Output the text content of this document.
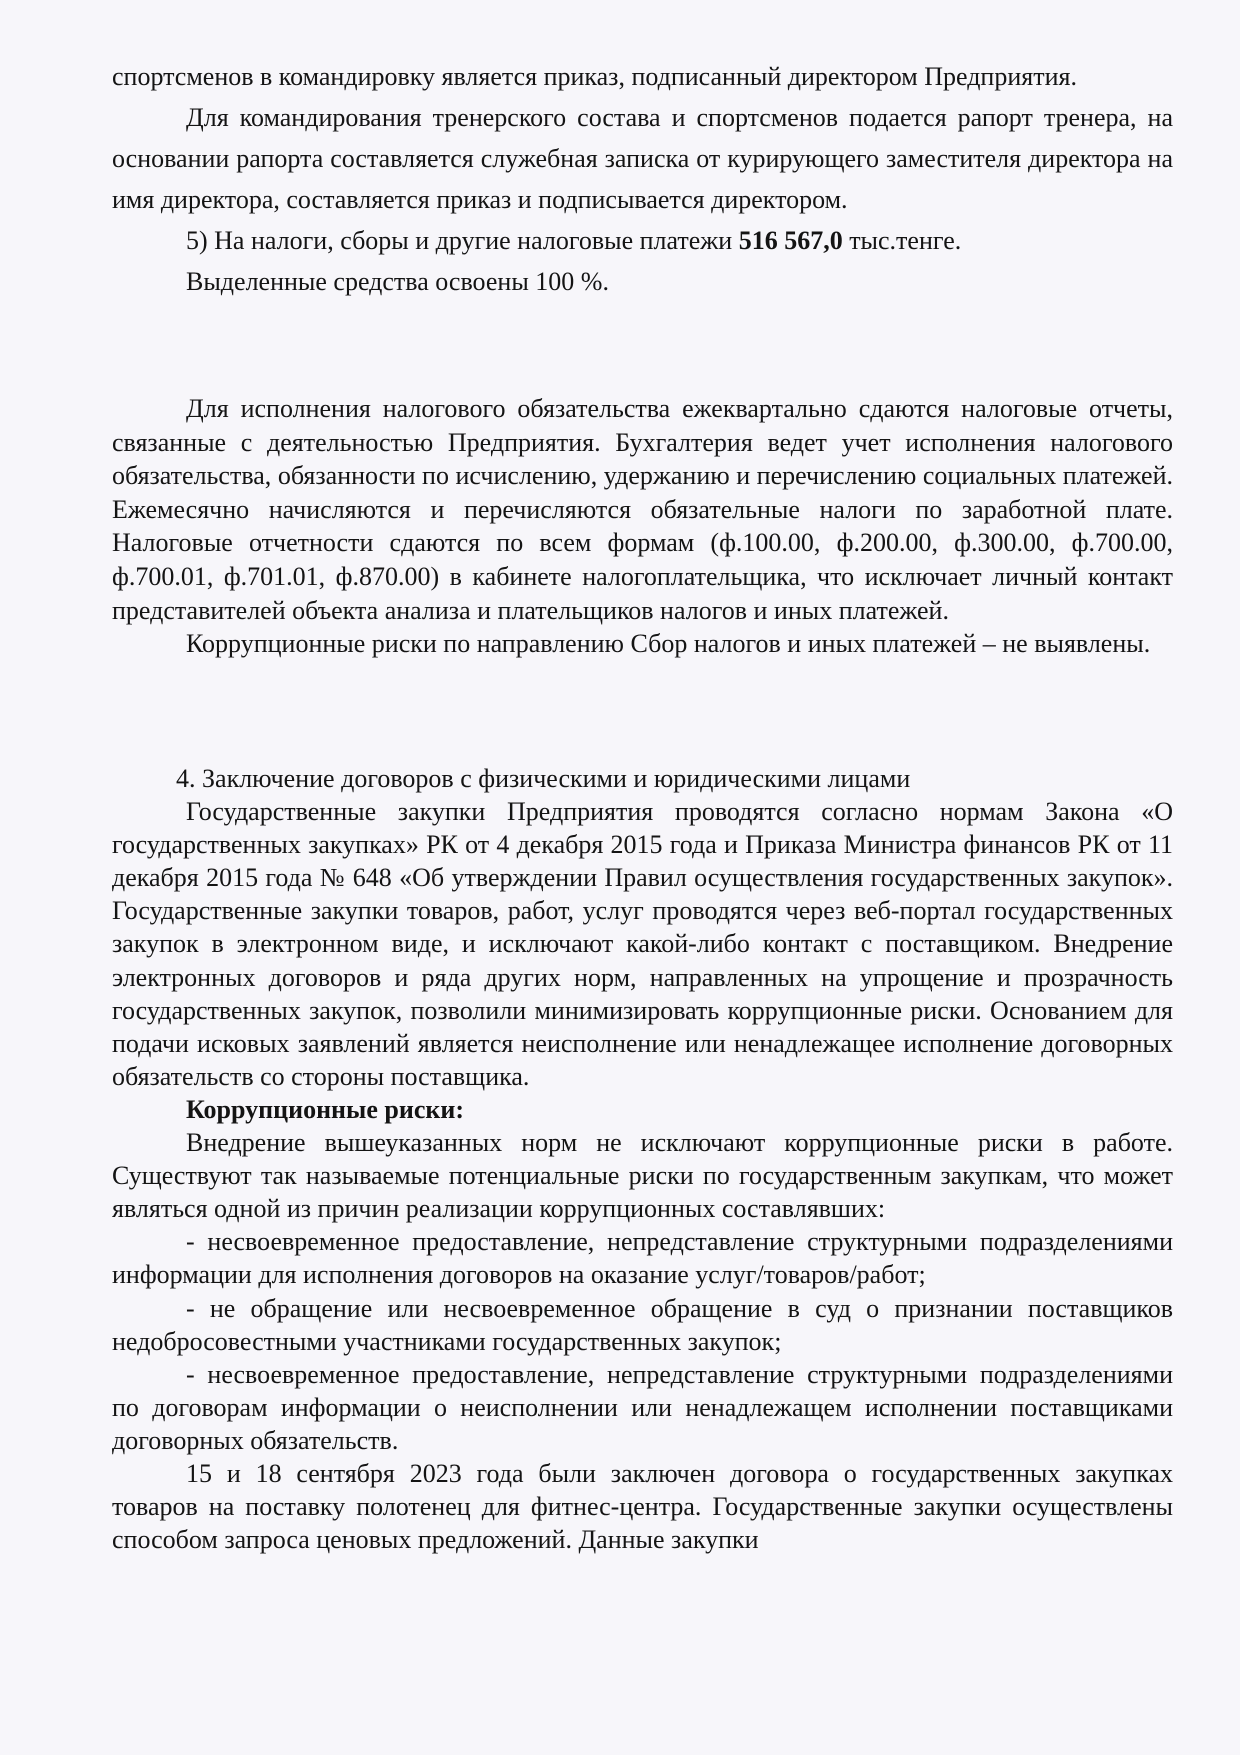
спортсменов в командировку является приказ, подписанный директором Предприятия.

Для командирования тренерского состава и спортсменов подается рапорт тренера, на основании рапорта составляется служебная записка от курирующего заместителя директора на имя директора, составляется приказ и подписывается директором.

5) На налоги, сборы и другие налоговые платежи 516 567,0 тыс.тенге.

Выделенные средства освоены 100 %.

Для исполнения налогового обязательства ежеквартально сдаются налоговые отчеты, связанные с деятельностью Предприятия. Бухгалтерия ведет учет исполнения налогового обязательства, обязанности по исчислению, удержанию и перечислению социальных платежей. Ежемесячно начисляются и перечисляются обязательные налоги по заработной плате. Налоговые отчетности сдаются по всем формам (ф.100.00, ф.200.00, ф.300.00, ф.700.00, ф.700.01, ф.701.01, ф.870.00) в кабинете налогоплательщика, что исключает личный контакт представителей объекта анализа и плательщиков налогов и иных платежей.

Коррупционные риски по направлению Сбор налогов и иных платежей – не выявлены.

4. Заключение договоров с физическими и юридическими лицами

Государственные закупки Предприятия проводятся согласно нормам Закона «О государственных закупках» РК от 4 декабря 2015 года и Приказа Министра финансов РК от 11 декабря 2015 года № 648 «Об утверждении Правил осуществления государственных закупок». Государственные закупки товаров, работ, услуг проводятся через веб-портал государственных закупок в электронном виде, и исключают какой-либо контакт с поставщиком. Внедрение электронных договоров и ряда других норм, направленных на упрощение и прозрачность государственных закупок, позволили минимизировать коррупционные риски. Основанием для подачи исковых заявлений является неисполнение или ненадлежащее исполнение договорных обязательств со стороны поставщика.

Коррупционные риски:

Внедрение вышеуказанных норм не исключают коррупционные риски в работе. Существуют так называемые потенциальные риски по государственным закупкам, что может являться одной из причин реализации коррупционных составлявших:

- несвоевременное предоставление, непредставление структурными подразделениями информации для исполнения договоров на оказание услуг/товаров/работ;

- не обращение или несвоевременное обращение в суд о признании поставщиков недобросовестными участниками государственных закупок;

- несвоевременное предоставление, непредставление структурными подразделениями по договорам информации о неисполнении или ненадлежащем исполнении поставщиками договорных обязательств.

15 и 18 сентября 2023 года были заключен договора о государственных закупках товаров на поставку полотенец для фитнес-центра. Государственные закупки осуществлены способом запроса ценовых предложений. Данные закупки
